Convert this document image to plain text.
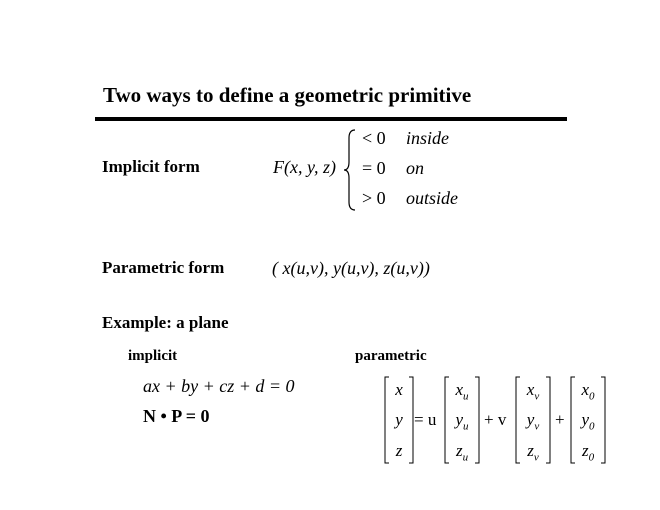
Two ways to define a geometric primitive
Implicit form	F(x, y, z)
< 0 inside
= 0 on
> 0 outside
Parametric form	( x(u,v), y(u,v), z(u,v))
Example: a plane
implicit
ax + by + cz + d = 0
N • P = 0
parametric
x
y
z
= u
$x_u$
$y_u$
$z_u$
+ v
$x_v$
$y_v$
$z_v$
+
$x_0$
$y_0$
$z_0$
